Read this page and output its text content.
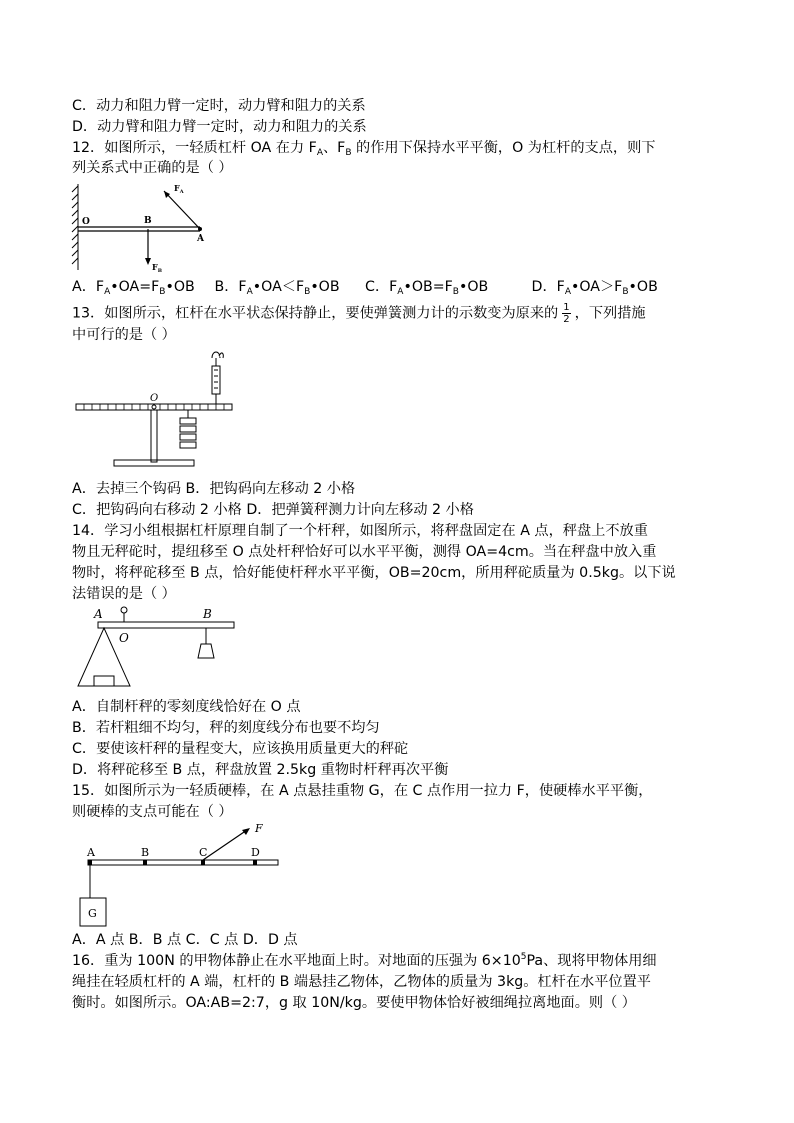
C．动力和阻力臂一定时，动力臂和阻力的关系
D．动力臂和阻力臂一定时，动力和阻力的关系
12．如图所示，一轻质杠杆 OA 在力 $F_A$、$F_B$ 的作用下保持水平平衡，O 为杠杆的支点，则下
列关系式中正确的是（ ）
O	B
A
$F_A$
$F_B$
A．$F_A•OA=F_B•OB$ B．$F_A•OA<F_B•OB$ C．$F_A•OB=F_B•OB$	D．$F_A•OA>F_B•OB$
13．如图所示，杠杆在水平状态保持静止，要使弹簧测力计的示数变为原来的 $\frac{1}{2}$ ，下列措施
中可行的是（ ）
O
A．去掉三个钩码 B．把钩码向左移动 2 小格
C．把钩码向右移动 2 小格 D．把弹簧秤测力计向左移动 2 小格
14．学习小组根据杠杆原理自制了一个杆秤，如图所示，将秤盘固定在 A 点，秤盘上不放重
物且无秤砣时，提纽移至 O 点处杆秤恰好可以水平平衡，测得 OA=4cm。当在秤盘中放入重
物时，将秤砣移至 B 点，恰好能使杆秤水平平衡，OB=20cm，所用秤砣质量为 0.5kg。以下说
法错误的是（ ）
A
O
B
A．自制杆秤的零刻度线恰好在 O 点
B．若杆粗细不均匀，秤的刻度线分布也要不均匀
C．要使该杆秤的量程变大，应该换用质量更大的秤砣
D．将秤砣移至 B 点，秤盘放置 2.5kg 重物时杆秤再次平衡
15．如图所示为一轻质硬棒，在 A 点悬挂重物 G，在 C 点作用一拉力 F，使硬棒水平平衡，
则硬棒的支点可能在（ ）
A	B	C	D
F
G
A．A 点 B．B 点 C．C 点 D．D 点
16．重为 100N 的甲物体静止在水平地面上时。对地面的压强为 $6\times 10^5Pa$、现将甲物体用细
绳挂在轻质杠杆的 A 端，杠杆的 B 端悬挂乙物体，乙物体的质量为 3kg。杠杆在水平位置平
衡时。如图所示。OA:AB=2:7，g 取 10N/kg。要使甲物体恰好被细绳拉离地面。则（ ）
